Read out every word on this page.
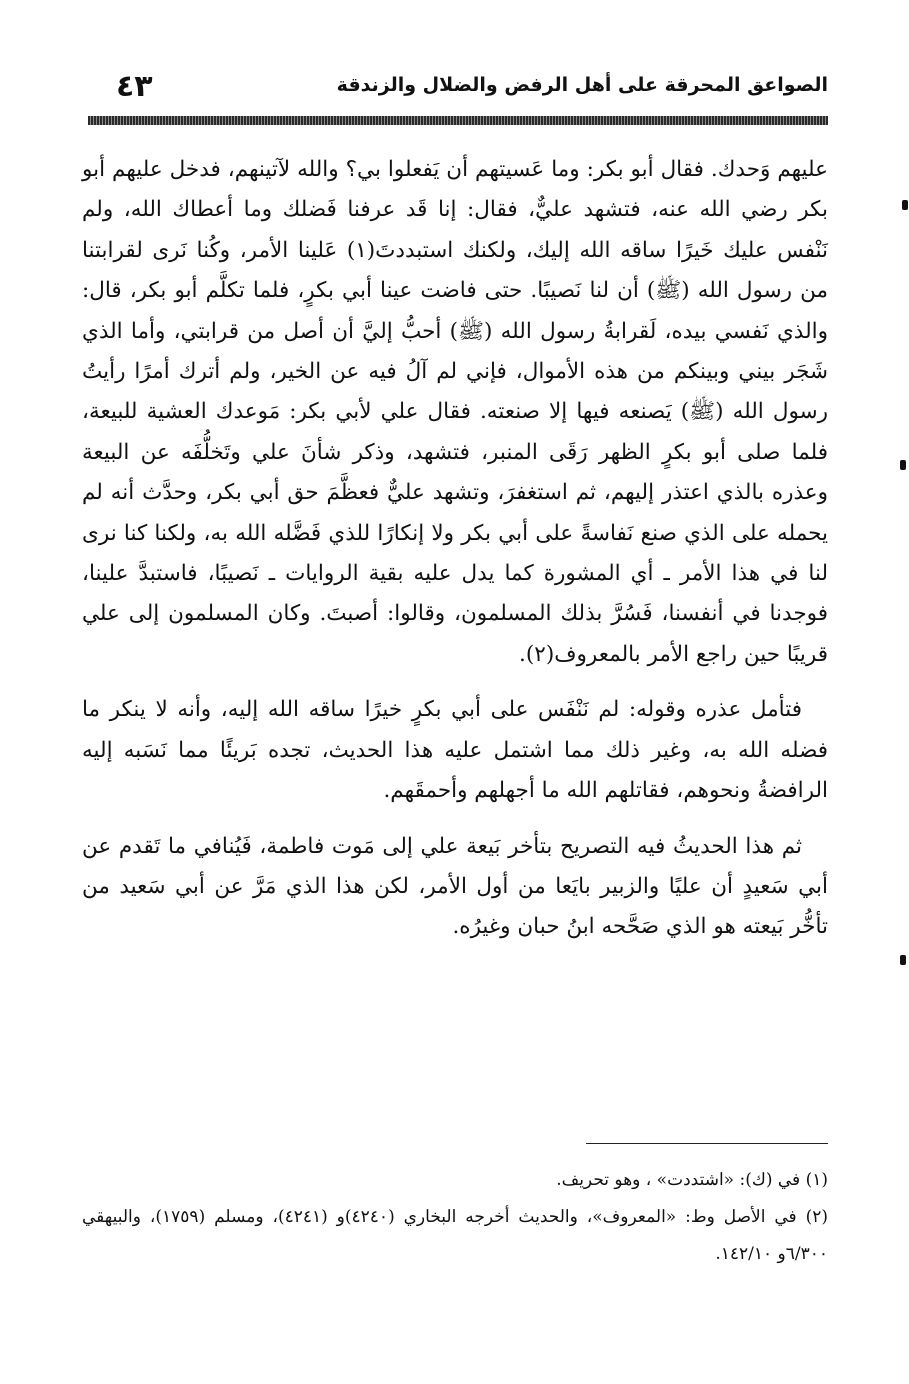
الصواعق المحرقة على أهل الرفض والضلال والزندقة
٤٣

عليهم وَحدك. فقال أبو بكر: وما عَسيتهم أن يَفعلوا بي؟ والله لآتينهم، فدخل عليهم أبو بكر رضي الله عنه، فتشهد عليٌّ، فقال: إنا قَد عرفنا فَضلك وما أعطاك الله، ولم نَنْفس عليك خَيرًا ساقه الله إليك، ولكنك استبددتَ(١) عَلينا الأمر، وكُنا نَرى لقرابتنا من رسول الله (ﷺ) أن لنا نَصيبًا. حتى فاضت عينا أبي بكرٍ، فلما تكلَّم أبو بكر، قال: والذي نَفسي بيده، لَقرابةُ رسول الله (ﷺ) أحبُّ إليَّ أن أصل من قرابتي، وأما الذي شَجَر بيني وبينكم من هذه الأموال، فإني لم آلُ فيه عن الخير، ولم أترك أمرًا رأيتُ رسول الله (ﷺ) يَصنعه فيها إلا صنعته. فقال علي لأبي بكر: مَوعدك العشية للبيعة، فلما صلى أبو بكرٍ الظهر رَقَى المنبر، فتشهد، وذكر شأنَ علي وتَخلُّفَه عن البيعة وعذره بالذي اعتذر إليهم، ثم استغفرَ، وتشهد عليٌّ فعظَّمَ حق أبي بكر، وحدَّث أنه لم يحمله على الذي صنع نَفاسةً على أبي بكر ولا إنكارًا للذي فَضَّله الله به، ولكنا كنا نرى لنا في هذا الأمر ـ أي المشورة كما يدل عليه بقية الروايات ـ نَصيبًا، فاستبدَّ علينا، فوجدنا في أنفسنا، فَسُرَّ بذلك المسلمون، وقالوا: أصبتَ. وكان المسلمون إلى علي قريبًا حين راجع الأمر بالمعروف(٢).

فتأمل عذره وقوله: لم نَنْفَس على أبي بكرٍ خيرًا ساقه الله إليه، وأنه لا ينكر ما فضله الله به، وغير ذلك مما اشتمل عليه هذا الحديث، تجده بَريئًا مما نَسَبه إليه الرافضةُ ونحوهم، فقاتلهم الله ما أجهلهم وأحمقَهم.

ثم هذا الحديثُ فيه التصريح بتأخر بَيعة علي إلى مَوت فاطمة، فَيُنافي ما تَقدم عن أبي سَعيدٍ أن عليًا والزبير بايَعا من أول الأمر، لكن هذا الذي مَرَّ عن أبي سَعيد من تأخُّر بَيعته هو الذي صَحَّحه ابنُ حبان وغيرُه.

(١) في (ك): «اشتددت» ، وهو تحريف.

(٢) في الأصل وط: «المعروف»، والحديث أخرجه البخاري (٤٢٤٠)و (٤٢٤١)، ومسلم (١٧٥٩)، والبيهقي ٦/٣٠٠و ١٤٢/١٠.
